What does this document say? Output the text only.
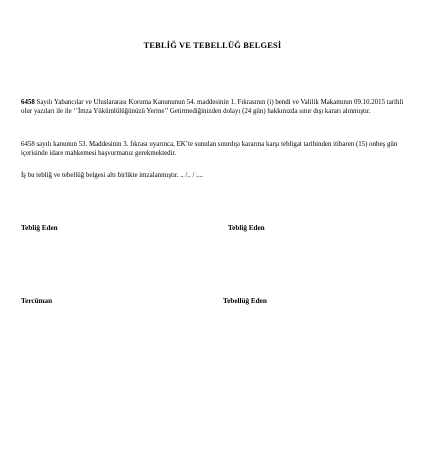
TEBLİĞ VE TEBELLÜĞ BELGESİ

6458 Sayılı Yabancılar ve Uluslararası Koruma Kanununun 54. maddesinin 1. Fıkrasının (i) bendi ve Valilik Makamının 09.10.2015 tarihli olur yazıları ile ile ‘’İmza Yükümlülüğünüzü Yerine’’ Getirmediğinizden dolayı (24 gün) hakkınızda sınır dışı kararı alınmıştır.

6458 sayılı kanunun 53. Maddesinin 3. fıkrası uyarınca, EK’te sunulan sınırdışı kararına karşı tebligat tarihinden itibaren (15) onbeş gün içerisinde idare mahkemesi başvurmanız gerekmektedir.

İş bu tebliğ ve tebellüğ belgesi altı birlikte imzalanmıştır. .. /.. / ....

Tebliğ Eden	Tebliğ Eden
Tercüman	Tebellüğ Eden
